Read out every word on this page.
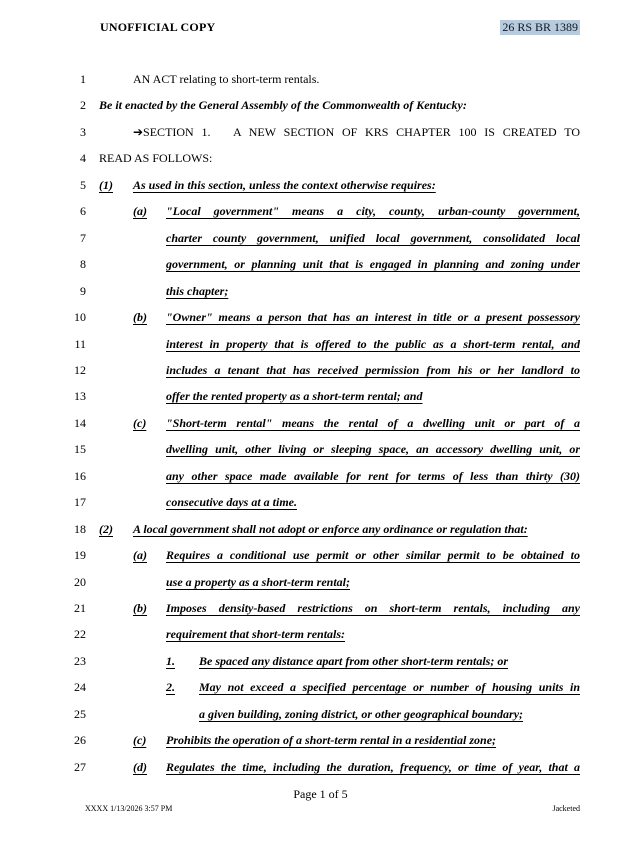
UNOFFICIAL COPY	26 RS BR 1389
1	AN ACT relating to short-term rentals.
2 Be it enacted by the General Assembly of the Commonwealth of Kentucky:
3	➔SECTION 1.   A NEW SECTION OF KRS CHAPTER 100 IS CREATED TO
4 READ AS FOLLOWS:
5 (1) As used in this section, unless the context otherwise requires:
6	(a) "Local government" means a city, county, urban-county government,
7	charter county government, unified local government, consolidated local
8	government, or planning unit that is engaged in planning and zoning under
9	this chapter;
10	(b) "Owner" means a person that has an interest in title or a present possessory
11	interest in property that is offered to the public as a short-term rental, and
12	includes a tenant that has received permission from his or her landlord to
13	offer the rented property as a short-term rental; and
14	(c) "Short-term rental" means the rental of a dwelling unit or part of a
15	dwelling unit, other living or sleeping space, an accessory dwelling unit, or
16	any other space made available for rent for terms of less than thirty (30)
17	consecutive days at a time.
18 (2) A local government shall not adopt or enforce any ordinance or regulation that:
19	(a) Requires a conditional use permit or other similar permit to be obtained to
20	use a property as a short-term rental;
21	(b) Imposes density-based restrictions on short-term rentals, including any
22	requirement that short-term rentals:
23	1. Be spaced any distance apart from other short-term rentals; or
24	2. May not exceed a specified percentage or number of housing units in
25	a given building, zoning district, or other geographical boundary;
26	(c) Prohibits the operation of a short-term rental in a residential zone;
27	(d) Regulates the time, including the duration, frequency, or time of year, that a
Page 1 of 5
XXXX 1/13/2026 3:57 PM	Jacketed
